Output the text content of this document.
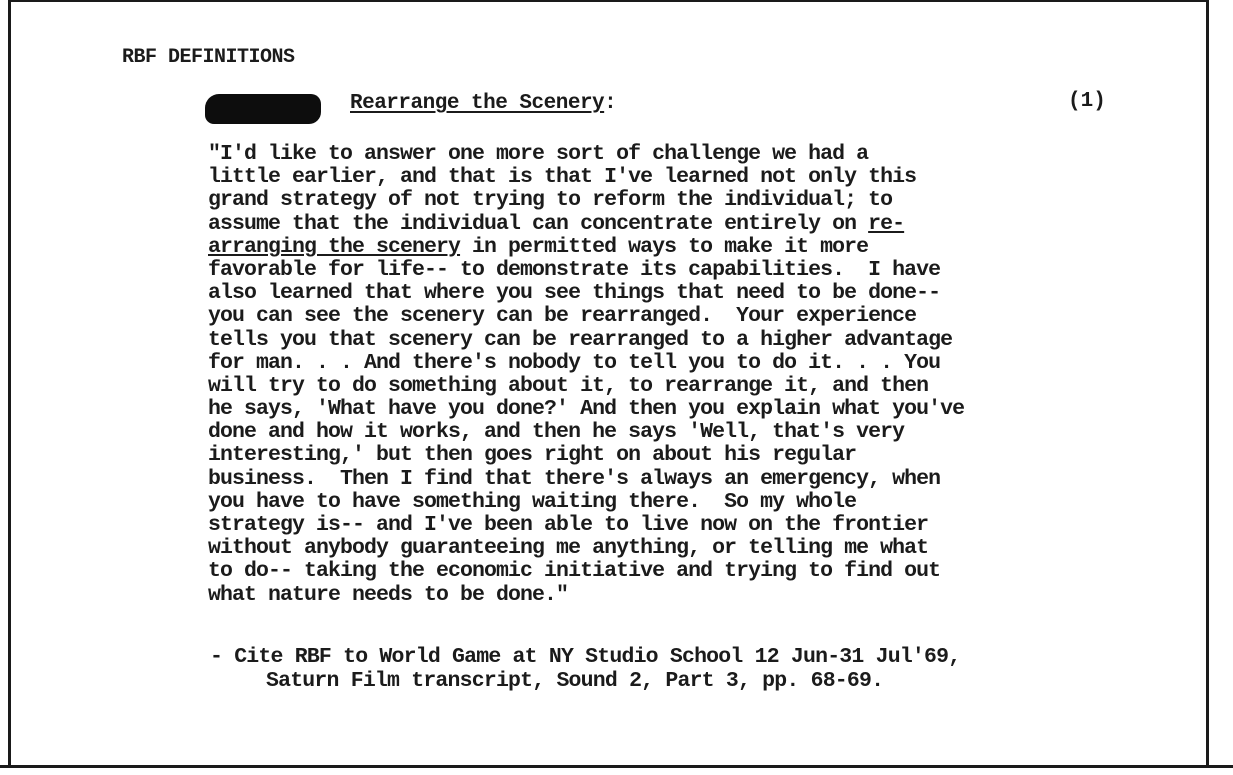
RBF DEFINITIONS
Rearrange the Scenery:	(1)
"I'd like to answer one more sort of challenge we had a
little earlier, and that is that I've learned not only this
grand strategy of not trying to reform the individual; to
assume that the individual can concentrate entirely on re-
arranging the scenery in permitted ways to make it more
favorable for life-- to demonstrate its capabilities.  I have
also learned that where you see things that need to be done--
you can see the scenery can be rearranged.  Your experience
tells you that scenery can be rearranged to a higher advantage
for man. . . And there's nobody to tell you to do it. . . You
will try to do something about it, to rearrange it, and then
he says, 'What have you done?' And then you explain what you've
done and how it works, and then he says 'Well, that's very
interesting,' but then goes right on about his regular
business.  Then I find that there's always an emergency, when
you have to have something waiting there.  So my whole
strategy is-- and I've been able to live now on the frontier
without anybody guaranteeing me anything, or telling me what
to do-- taking the economic initiative and trying to find out
what nature needs to be done."
- Cite RBF to World Game at NY Studio School 12 Jun-31 Jul'69,
Saturn Film transcript, Sound 2, Part 3, pp. 68-69.
